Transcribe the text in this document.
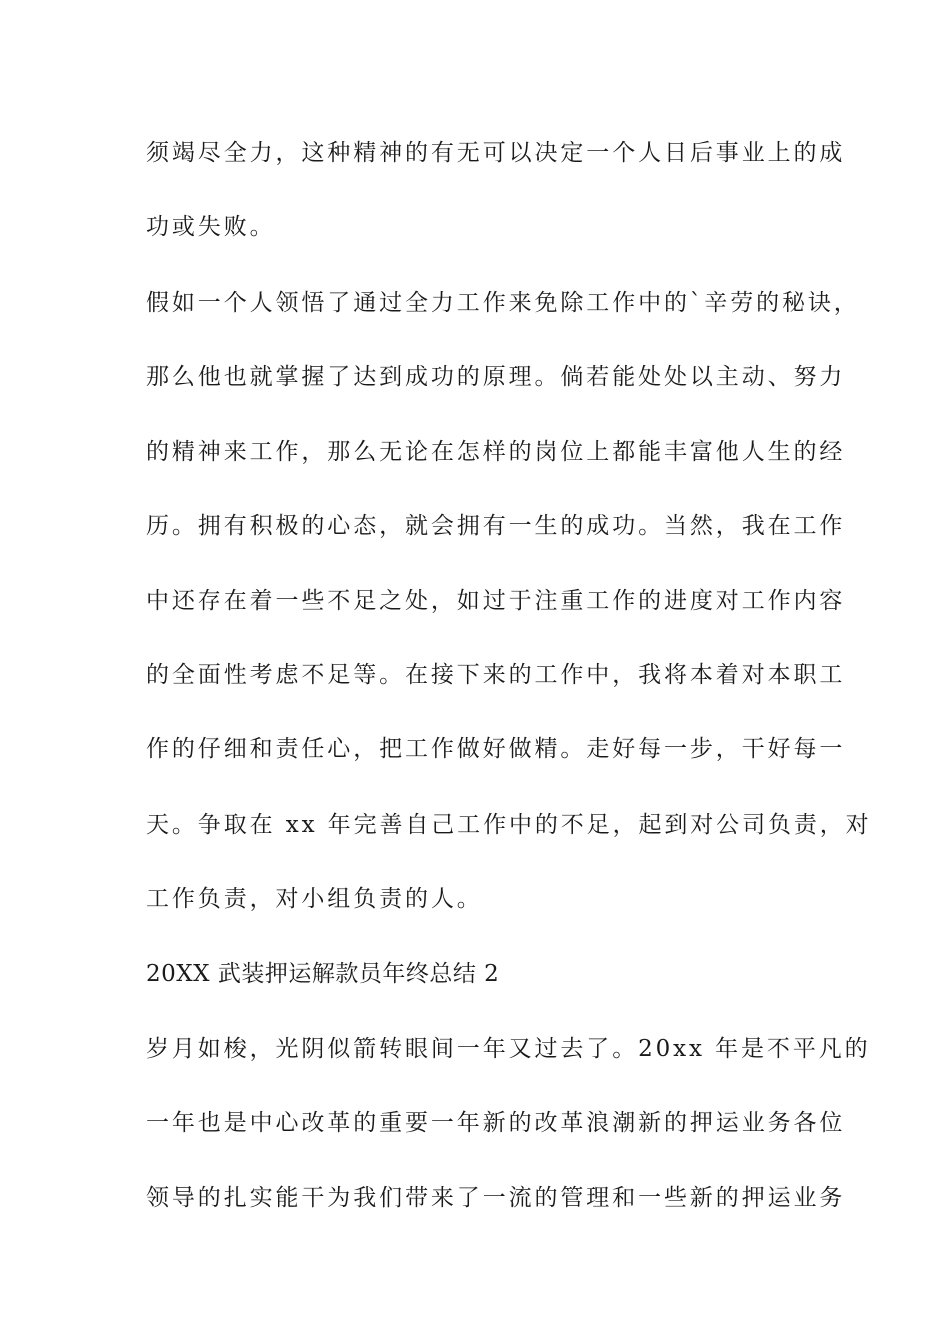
须竭尽全力，这种精神的有无可以决定一个人日后事业上的成
功或失败。
假如一个人领悟了通过全力工作来免除工作中的`辛劳的秘诀，
那么他也就掌握了达到成功的原理。倘若能处处以主动、努力
的精神来工作，那么无论在怎样的岗位上都能丰富他人生的经
历。拥有积极的心态，就会拥有一生的成功。当然，我在工作
中还存在着一些不足之处，如过于注重工作的进度对工作内容
的全面性考虑不足等。在接下来的工作中，我将本着对本职工
作的仔细和责任心，把工作做好做精。走好每一步，干好每一
天。争取在 xx 年完善自己工作中的不足，起到对公司负责，对
工作负责，对小组负责的人。
20XX 武装押运解款员年终总结 2
岁月如梭，光阴似箭转眼间一年又过去了。20xx 年是不平凡的
一年也是中心改革的重要一年新的改革浪潮新的押运业务各位
领导的扎实能干为我们带来了一流的管理和一些新的押运业务
